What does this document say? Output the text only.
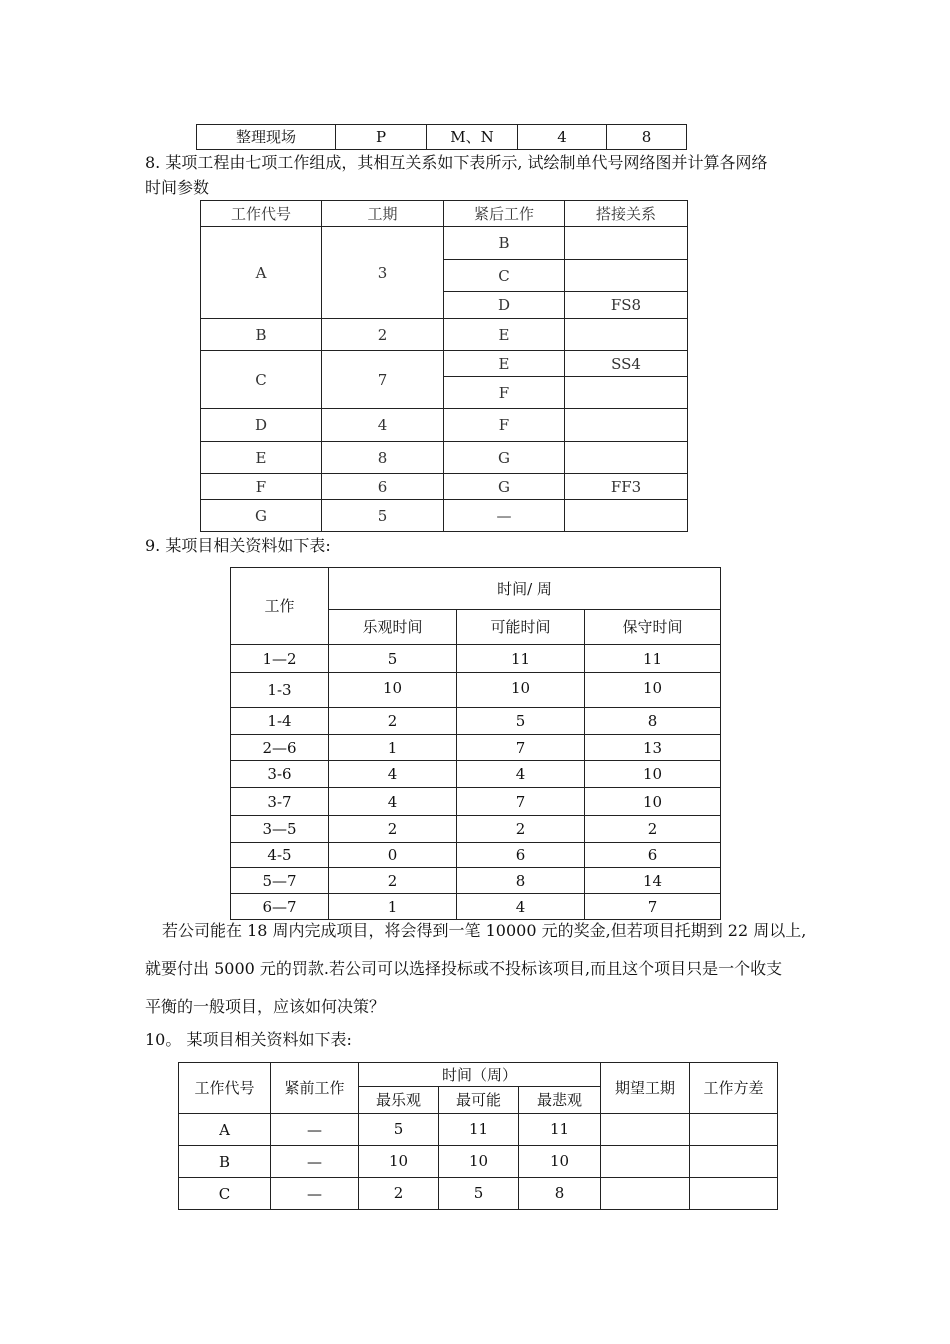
整理现场	P	M、N	4	8
8. 某项工程由七项工作组成，其相互关系如下表所示, 试绘制单代号网络图并计算各网络
时间参数
工作代号	工期	紧后工作	搭接关系
A	3	B	
		C	
		D	FS8
B	2	E	
C	7	E	SS4
		F	
D	4	F	
E	8	G	
F	6	G	FF3
G	5	—	
9. 某项目相关资料如下表:
工作	时间/ 周		
	乐观时间	可能时间	保守时间
1—2	5	11	11
1-3	10	10	10
1-4	2	5	8
2—6	1	7	13
3-6	4	4	10
3-7	4	7	10
3—5	2	2	2
4-5	0	6	6
5—7	2	8	14
6—7	1	4	7
若公司能在 18 周内完成项目，将会得到一笔 10000 元的奖金,但若项目托期到 22 周以上,
就要付出 5000 元的罚款.若公司可以选择投标或不投标该项目,而且这个项目只是一个收支
平衡的一般项目，应该如何决策？
10。 某项目相关资料如下表:
工作代号	紧前工作	时间（周）			期望工期	工作方差
		最乐观	最可能	最悲观		
A	—	5	11	11		
B	—	10	10	10		
C	—	2	5	8		
